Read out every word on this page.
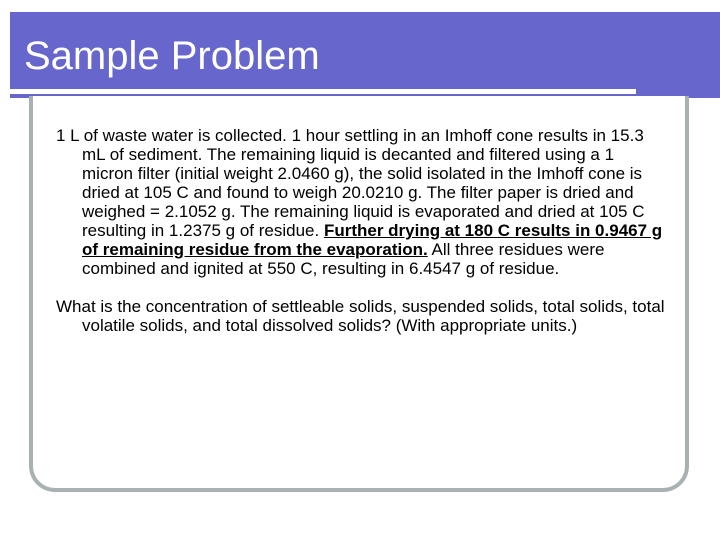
Sample Problem

1 L of waste water is collected. 1 hour settling in an Imhoff cone results in 15.3 mL of sediment. The remaining liquid is decanted and filtered using a 1 micron filter (initial weight 2.0460 g), the solid isolated in the Imhoff cone is dried at 105 C and found to weigh 20.0210 g. The filter paper is dried and weighed = 2.1052 g. The remaining liquid is evaporated and dried at 105 C resulting in 1.2375 g of residue. Further drying at 180 C results in 0.9467 g of remaining residue from the evaporation. All three residues were combined and ignited at 550 C, resulting in 6.4547 g of residue.

What is the concentration of settleable solids, suspended solids, total solids, total volatile solids, and total dissolved solids? (With appropriate units.)
